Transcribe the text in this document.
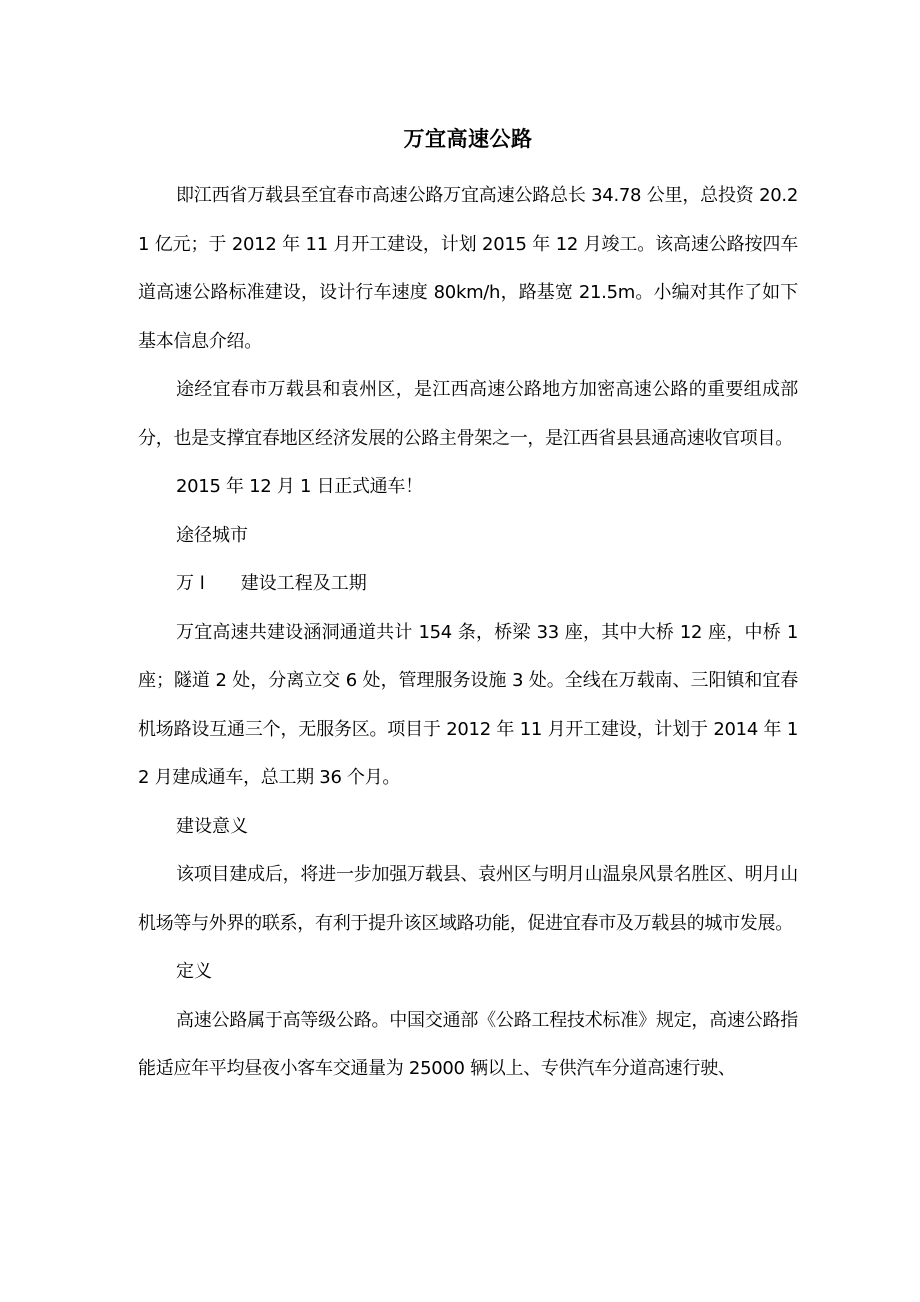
万宜高速公路

即江西省万载县至宜春市高速公路万宜高速公路总长 34.78 公里，总投资 20.21 亿元；于 2012 年 11 月开工建设，计划 2015 年 12 月竣工。该高速公路按四车道高速公路标准建设，设计行车速度 80km/h，路基宽 21.5m。小编对其作了如下基本信息介绍。

途经宜春市万载县和袁州区，是江西高速公路地方加密高速公路的重要组成部分，也是支撑宜春地区经济发展的公路主骨架之一，是江西省县县通高速收官项目。

2015 年 12 月 1 日正式通车！

途径城市

万 l 建设工程及工期

万宜高速共建设涵洞通道共计 154 条，桥梁 33 座，其中大桥 12 座，中桥 1 座；隧道 2 处，分离立交 6 处，管理服务设施 3 处。全线在万载南、三阳镇和宜春机场路设互通三个，无服务区。项目于 2012 年 11 月开工建设，计划于 2014 年 12 月建成通车，总工期 36 个月。

建设意义

该项目建成后，将进一步加强万载县、袁州区与明月山温泉风景名胜区、明月山机场等与外界的联系，有利于提升该区域路功能，促进宜春市及万载县的城市发展。

定义

高速公路属于高等级公路。中国交通部《公路工程技术标准》规定，高速公路指能适应年平均昼夜小客车交通量为 25000 辆以上、专供汽车分道高速行驶、
